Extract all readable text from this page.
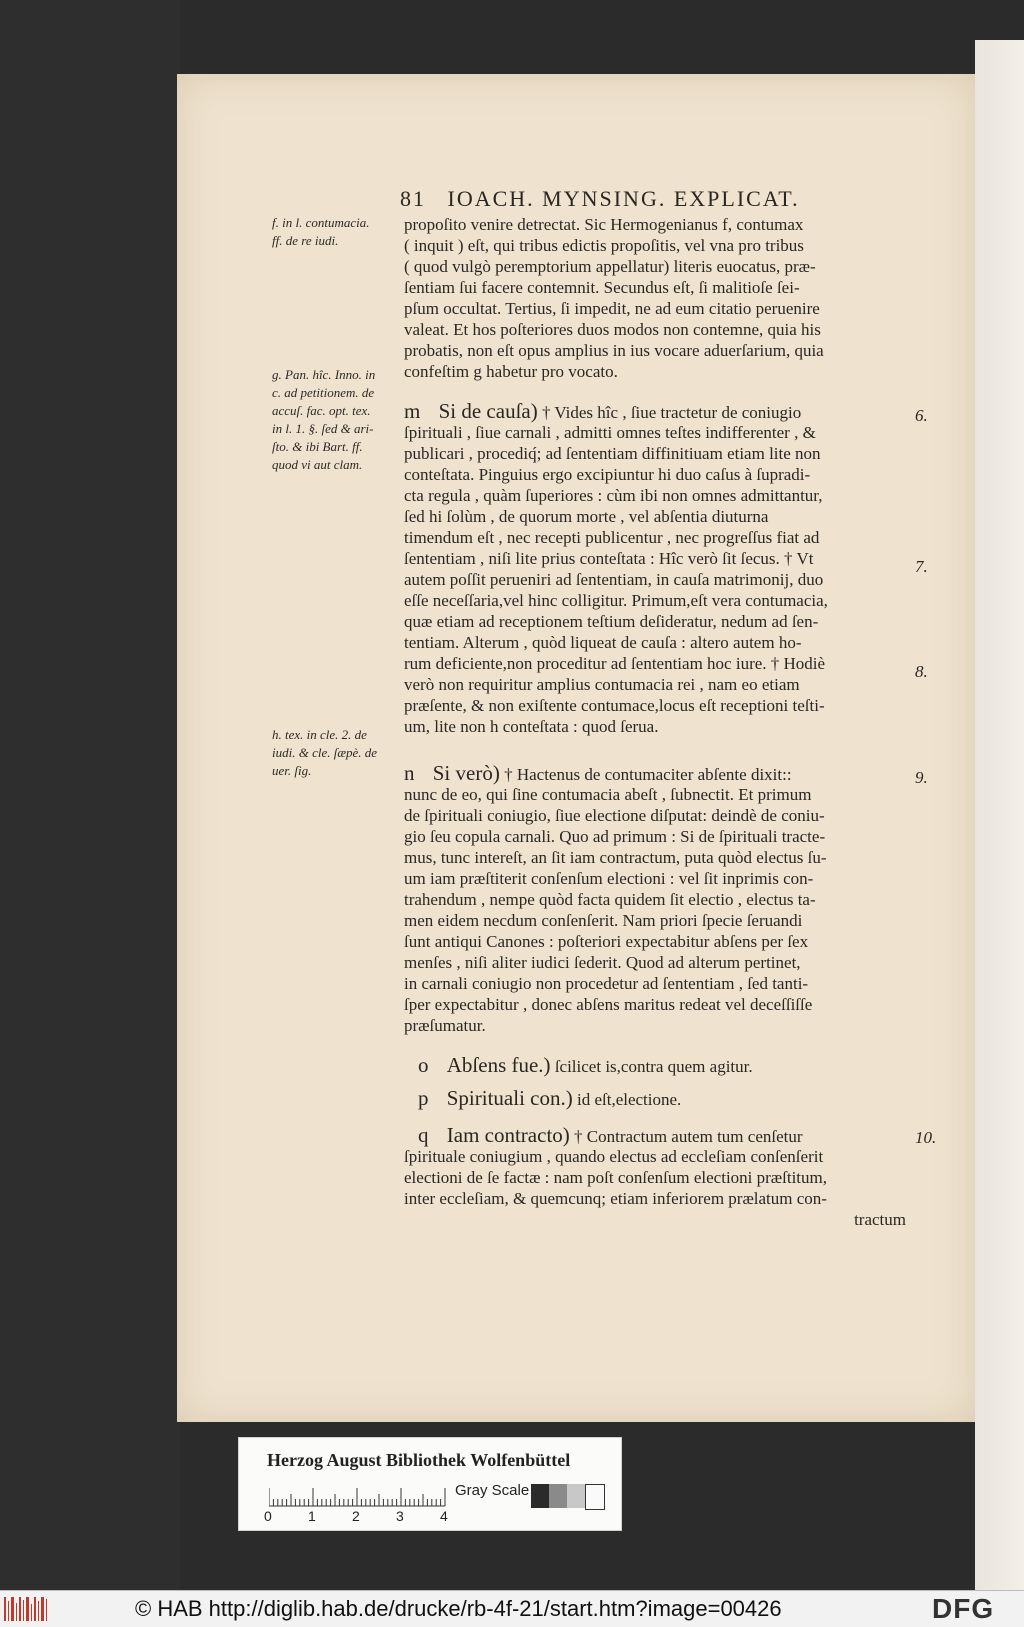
81 IOACH. MYNSING. EXPLICAT.
f. in l. contumacia.
ff. de re iudi.
g. Pan. hîc. Inno. in
c. ad petitionem. de
accuſ. fac. opt. tex.
in l. 1. §. ſed & ari-
ſto. & ibi Bart. ff.
quod vi aut clam.
h. tex. in cle. 2. de
iudi. & cle. ſæpè. de
uer. ſig.
6.
7.
8.
9.
10.
propoſito venire detrectat. Sic Hermogenianus f, contumax
( inquit ) eſt, qui tribus edictis propoſitis, vel vna pro tribus
( quod vulgò peremptorium appellatur) literis euocatus, præ-
ſentiam ſui facere contemnit. Secundus eſt, ſi malitioſe ſei-
pſum occultat. Tertius, ſi impedit, ne ad eum citatio peruenire
valeat. Et hos poſteriores duos modos non contemne, quia his
probatis, non eſt opus amplius in ius vocare aduerſarium, quia
confeſtim g habetur pro vocato.
m Si de cauſa) † Vides hîc , ſiue tractetur de coniugio
ſpirituali , ſiue carnali , admitti omnes teſtes indifferenter , &
publicari , procediq́; ad ſententiam diffinitiuam etiam lite non
conteſtata. Pinguius ergo excipiuntur hi duo caſus à ſupradi-
cta regula , quàm ſuperiores : cùm ibi non omnes admittantur,
ſed hi ſolùm , de quorum morte , vel abſentia diuturna
timendum eſt , nec recepti publicentur , nec progreſſus fiat ad
ſententiam , niſi lite prius conteſtata : Hîc verò ſit ſecus. † Vt
autem poſſit perueniri ad ſententiam, in cauſa matrimonij, duo
eſſe neceſſaria,vel hinc colligitur. Primum,eſt vera contumacia,
quæ etiam ad receptionem teſtium deſideratur, nedum ad ſen-
tentiam. Alterum , quòd liqueat de cauſa : altero autem ho-
rum deficiente,non proceditur ad ſententiam hoc iure. † Hodiè
verò non requiritur amplius contumacia rei , nam eo etiam
præſente, & non exiſtente contumace,locus eſt receptioni teſti-
um, lite non h conteſtata : quod ſerua.
n Si verò) † Hactenus de contumaciter abſente dixit::
nunc de eo, qui ſine contumacia abeſt , ſubnectit. Et primum
de ſpirituali coniugio, ſiue electione diſputat: deindè de coniu-
gio ſeu copula carnali. Quo ad primum : Si de ſpirituali tracte-
mus, tunc intereſt, an ſit iam contractum, puta quòd electus ſu-
um iam præſtiterit conſenſum electioni : vel ſit inprimis con-
trahendum , nempe quòd facta quidem ſit electio , electus ta-
men eidem necdum conſenſerit. Nam priori ſpecie ſeruandi
ſunt antiqui Canones : poſteriori expectabitur abſens per ſex
menſes , niſi aliter iudici ſederit. Quod ad alterum pertinet,
in carnali coniugio non procedetur ad ſententiam , ſed tanti-
ſper expectabitur , donec abſens maritus redeat vel deceſſiſſe
præſumatur.
o Abſens fue.) ſcilicet is,contra quem agitur.
p Spirituali con.) id eſt,electione.
q Iam contracto) † Contractum autem tum cenſetur
ſpirituale coniugium , quando electus ad eccleſiam conſenſerit
electioni de ſe factæ : nam poſt conſenſum electioni præſtitum,
inter eccleſiam, & quemcunq; etiam inferiorem prælatum con-
tractum
Herzog August Bibliothek Wolfenbüttel
0	1	2	3	4
Gray Scale
© HAB http://diglib.hab.de/drucke/rb-4f-21/start.htm?image=00426	DFG
